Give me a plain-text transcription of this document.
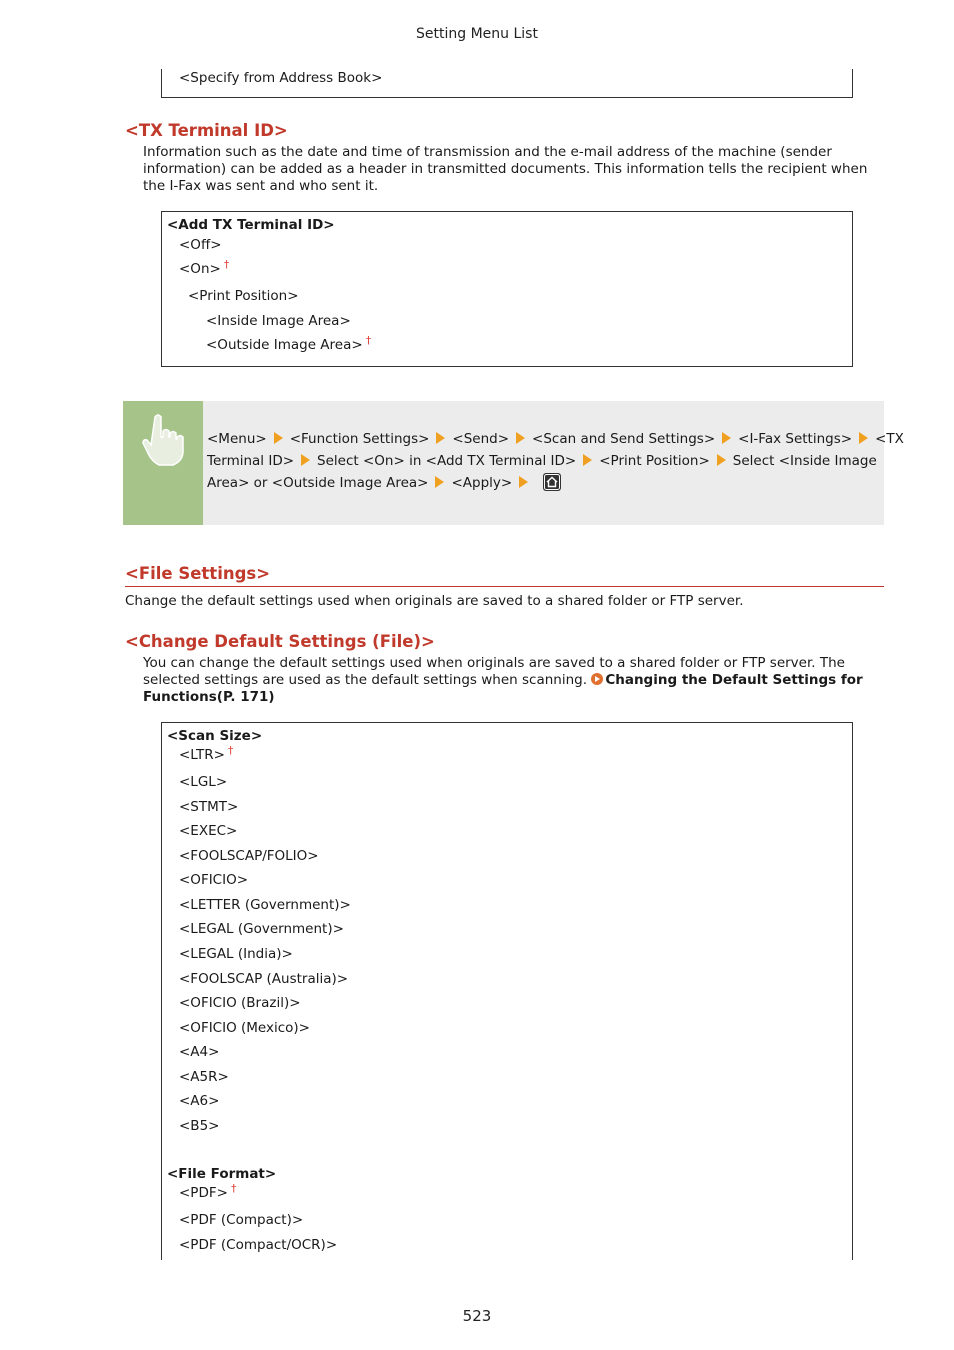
Setting Menu List
<Specify from Address Book>
<TX Terminal ID>
Information such as the date and time of transmission and the e-mail address of the machine (sender
information) can be added as a header in transmitted documents. This information tells the recipient when
the I-Fax was sent and who sent it.
<Add TX Terminal ID>
<Off>
<On> †
<Print Position>
<Inside Image Area>
<Outside Image Area> †
<Menu> <Function Settings> <Send> <Scan and Send Settings> <I-Fax Settings> <TX
Terminal ID> Select <On> in <Add TX Terminal ID> <Print Position> Select <Inside Image
Area> or <Outside Image Area> <Apply>
<File Settings>
Change the default settings used when originals are saved to a shared folder or FTP server.
<Change Default Settings (File)>
You can change the default settings used when originals are saved to a shared folder or FTP server. The
selected settings are used as the default settings when scanning. Changing the Default Settings for
Functions(P. 171)
<Scan Size>
<LTR> †
<LGL>
<STMT>
<EXEC>
<FOOLSCAP/FOLIO>
<OFICIO>
<LETTER (Government)>
<LEGAL (Government)>
<LEGAL (India)>
<FOOLSCAP (Australia)>
<OFICIO (Brazil)>
<OFICIO (Mexico)>
<A4>
<A5R>
<A6>
<B5>
<File Format>
<PDF> †
<PDF (Compact)>
<PDF (Compact/OCR)>
523
